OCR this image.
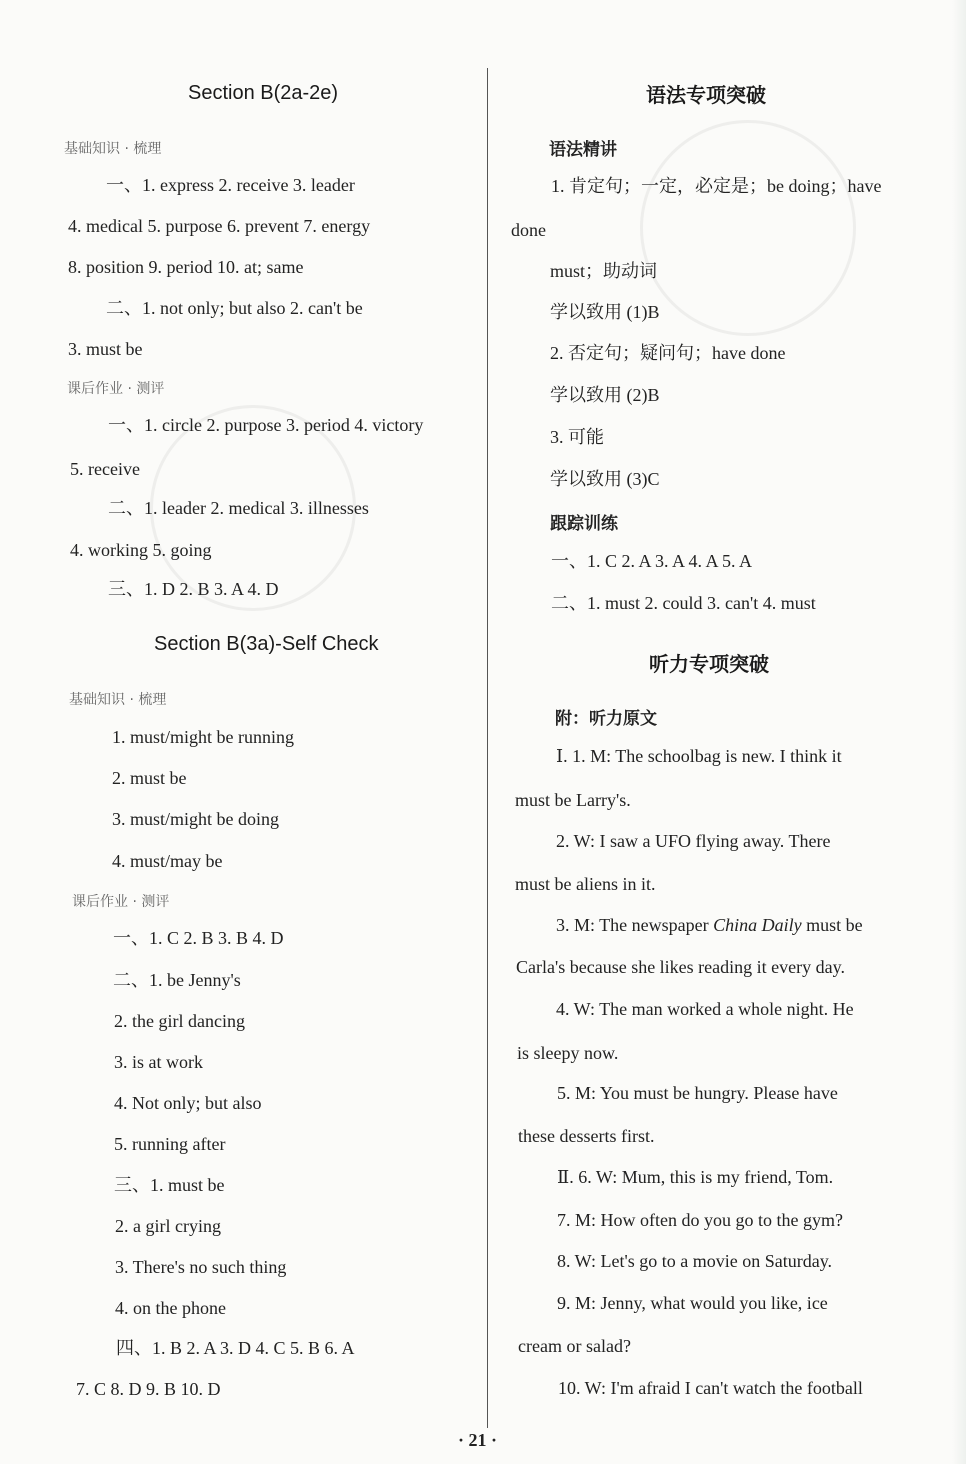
Section B(2a-2e)
基础知识 · 梳理
一、1. express 2. receive 3. leader
4. medical 5. purpose 6. prevent 7. energy
8. position 9. period 10. at; same
二、1. not only; but also 2. can't be
3. must be
课后作业 · 测评
一、1. circle 2. purpose 3. period 4. victory
5. receive
二、1. leader 2. medical 3. illnesses
4. working 5. going
三、1. D 2. B 3. A 4. D
Section B(3a)-Self Check
基础知识 · 梳理
1. must/might be running
2. must be
3. must/might be doing
4. must/may be
课后作业 · 测评
一、1. C 2. B 3. B 4. D
二、1. be Jenny's
2. the girl dancing
3. is at work
4. Not only; but also
5. running after
三、1. must be
2. a girl crying
3. There's no such thing
4. on the phone
四、1. B 2. A 3. D 4. C 5. B 6. A
7. C 8. D 9. B 10. D
语法专项突破
语法精讲
1. 肯定句；一定，必定是；be doing；have
done
must；助动词
学以致用 (1)B
2. 否定句；疑问句；have done
学以致用 (2)B
3. 可能
学以致用 (3)C
跟踪训练
一、1. C 2. A 3. A 4. A 5. A
二、1. must 2. could 3. can't 4. must
听力专项突破
附：听力原文
Ⅰ. 1. M: The schoolbag is new. I think it
must be Larry's.
2. W: I saw a UFO flying away. There
must be aliens in it.
3. M: The newspaper China Daily must be
Carla's because she likes reading it every day.
4. W: The man worked a whole night. He
is sleepy now.
5. M: You must be hungry. Please have
these desserts first.
Ⅱ. 6. W: Mum, this is my friend, Tom.
7. M: How often do you go to the gym?
8. W: Let's go to a movie on Saturday.
9. M: Jenny, what would you like, ice
cream or salad?
10. W: I'm afraid I can't watch the football
· 21 ·
